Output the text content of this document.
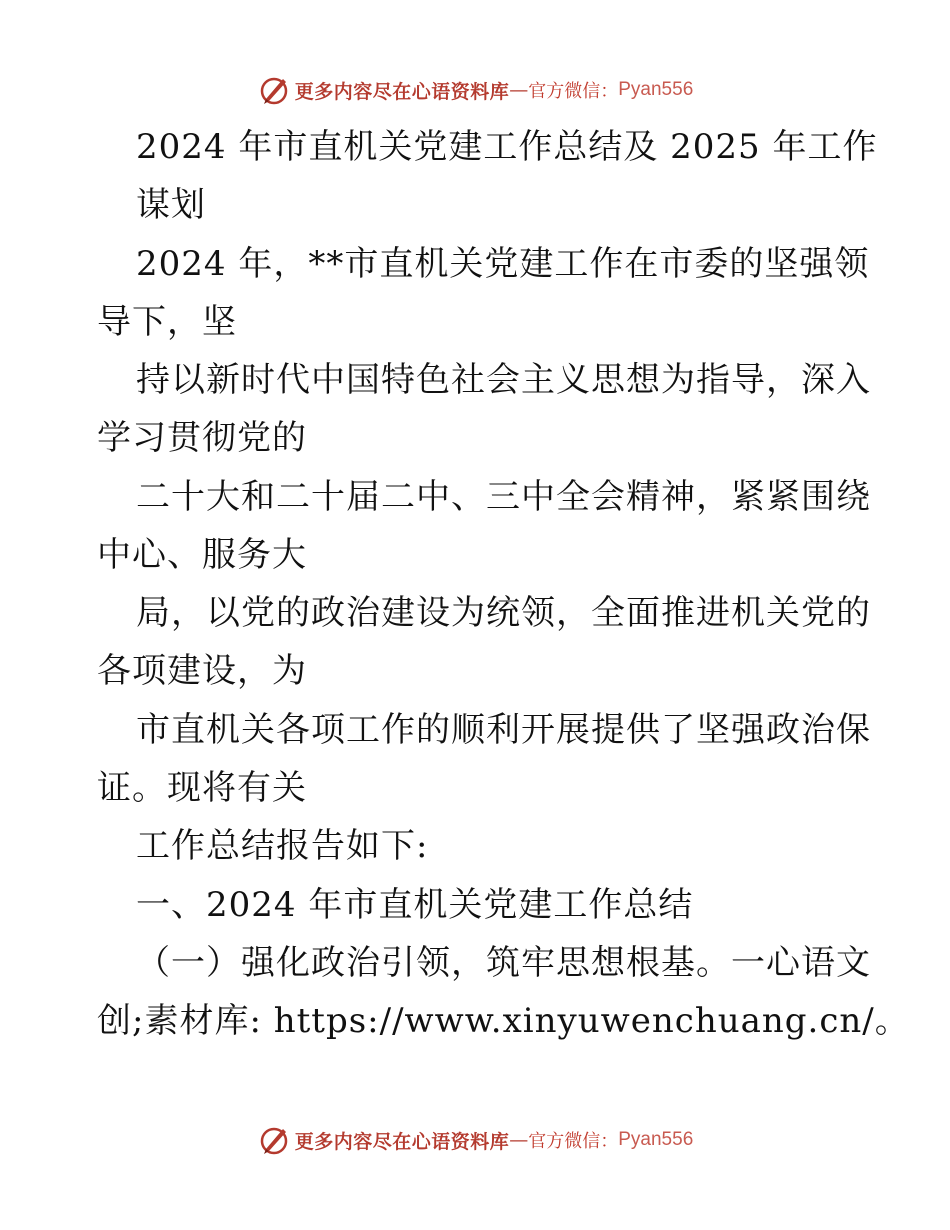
更多内容尽在心语资料库 — 官方微信： Pyan556
2024 年市直机关党建工作总结及 2025 年工作
谋划
2024 年，**市直机关党建工作在市委的坚强领
导下，坚
持以新时代中国特色社会主义思想为指导，深入
学习贯彻党的
二十大和二十届二中、三中全会精神，紧紧围绕
中心、服务大
局，以党的政治建设为统领，全面推进机关党的
各项建设，为
市直机关各项工作的顺利开展提供了坚强政治保
证。现将有关
工作总结报告如下:
一、2024 年市直机关党建工作总结
（一）强化政治引领，筑牢思想根基。一心语文
创;素材库: https://www.xinyuwenchuang.cn/。
更多内容尽在心语资料库 — 官方微信： Pyan556
